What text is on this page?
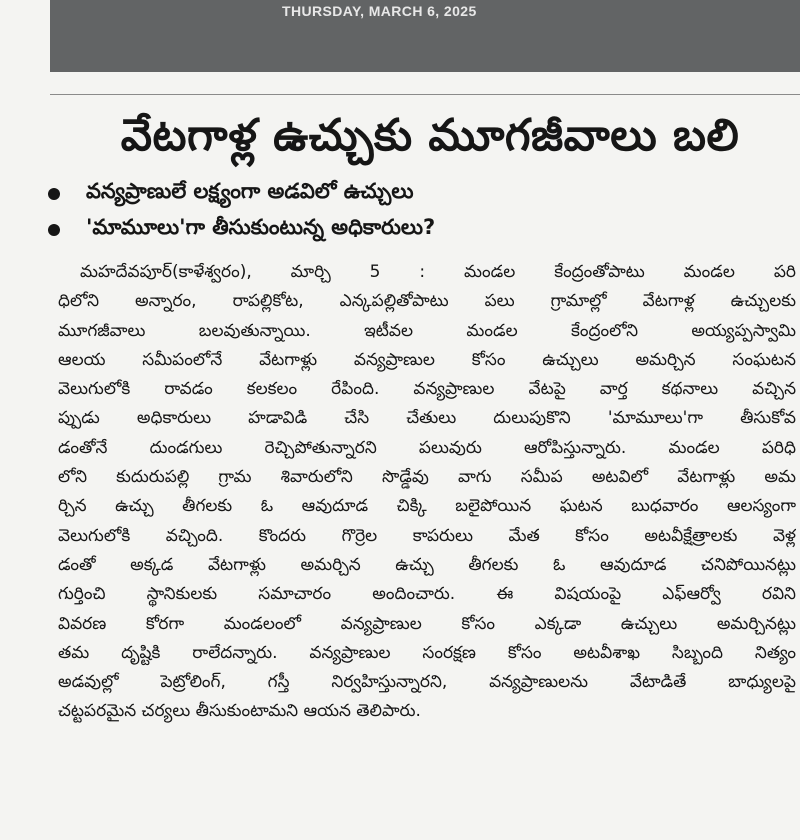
THURSDAY, MARCH 6, 2025
వేటగాళ్ల ఉచ్చుకు మూగజీవాలు బలి
వన్యప్రాణులే లక్ష్యంగా అడవిలో ఉచ్చులు
'మామూలు'గా తీసుకుంటున్న అధికారులు?
మహదేవపూర్(కాళేశ్వరం), మార్చి 5 : మండల కేంద్రంతోపాటు మండల పరి
ధిలోని అన్నారం, రాపల్లికోట, ఎన్కపల్లితోపాటు పలు గ్రామాల్లో వేటగాళ్ల ఉచ్చులకు
మూగజీవాలు బలవుతున్నాయి. ఇటీవల మండల కేంద్రంలోని అయ్యప్పస్వామి
ఆలయ సమీపంలోనే వేటగాళ్లు వన్యప్రాణుల కోసం ఉచ్చులు అమర్చిన సంఘటన
వెలుగులోకి రావడం కలకలం రేపింది. వన్యప్రాణుల వేటపై వార్త కథనాలు వచ్చిన
ప్పుడు అధికారులు హడావిడి చేసి చేతులు దులుపుకొని 'మామూలు'గా తీసుకోవ
డంతోనే దుండగులు రెచ్చిపోతున్నారని పలువురు ఆరోపిస్తున్నారు. మండల పరిధి
లోని కుదురుపల్లి గ్రామ శివారులోని సొడ్డేవు వాగు సమీప అటవిలో వేటగాళ్లు అమ
ర్చిన ఉచ్చు తీగలకు ఓ ఆవుదూడ చిక్కి బలైపోయిన ఘటన బుధవారం ఆలస్యంగా
వెలుగులోకి వచ్చింది. కొందరు గొర్రెల కాపరులు మేత కోసం అటవీక్షేత్రాలకు వెళ్ల
డంతో అక్కడ వేటగాళ్లు అమర్చిన ఉచ్చు తీగలకు ఓ ఆవుదూడ చనిపోయినట్లు
గుర్తించి స్థానికులకు సమాచారం అందించారు. ఈ విషయంపై ఎఫ్ఆర్వో రవిని
వివరణ కోరగా మండలంలో వన్యప్రాణుల కోసం ఎక్కడా ఉచ్చులు అమర్చినట్లు
తమ దృష్టికి రాలేదన్నారు. వన్యప్రాణుల సంరక్షణ కోసం అటవీశాఖ సిబ్బంది నిత్యం
అడవుల్లో పెట్రోలింగ్, గస్తీ నిర్వహిస్తున్నారని, వన్యప్రాణులను వేటాడితే బాధ్యులపై
చట్టపరమైన చర్యలు తీసుకుంటామని ఆయన తెలిపారు.
